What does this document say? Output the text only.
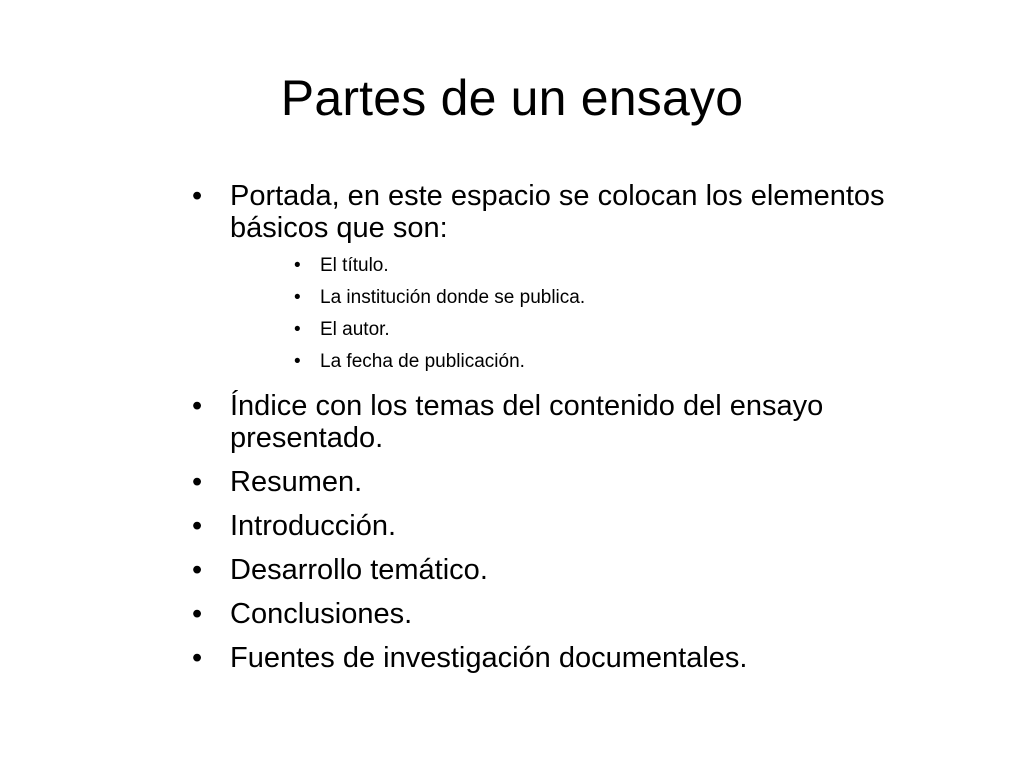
Partes de un ensayo
• Portada, en este espacio se colocan los elementos básicos que son:
• El título.
• La institución donde se publica.
• El autor.
• La fecha de publicación.
• Índice con los temas del contenido del ensayo presentado.
• Resumen.
• Introducción.
• Desarrollo temático.
• Conclusiones.
• Fuentes de investigación documentales.
